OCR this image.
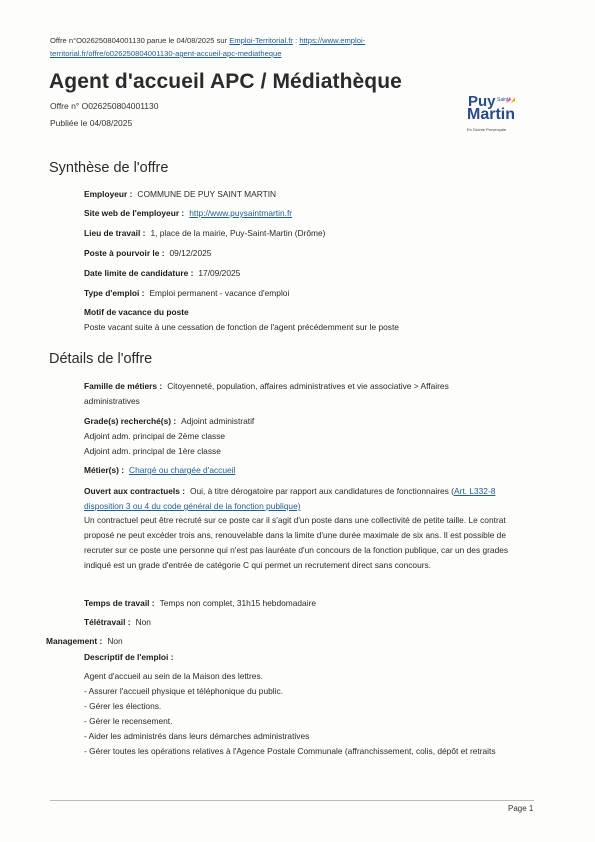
Offre n°O026250804001130 parue le 04/08/2025 sur Emploi-Territorial.fr : https://www.emploi-territorial.fr/offre/o026250804001130-agent-accueil-apc-mediatheque
Agent d'accueil APC / Médiathèque
Offre n° O026250804001130
Publiée le 04/08/2025
Puy Saint
Martin
En Drôme Provençale
Synthèse de l'offre
Employeur : COMMUNE DE PUY SAINT MARTIN
Site web de l'employeur : http://www.puysaintmartin.fr
Lieu de travail : 1, place de la mairie, Puy-Saint-Martin (Drôme)
Poste à pourvoir le : 09/12/2025
Date limite de candidature : 17/09/2025
Type d'emploi : Emploi permanent - vacance d'emploi
Motif de vacance du poste
Poste vacant suite à une cessation de fonction de l'agent précédemment sur le poste
Détails de l'offre
Famille de métiers : Citoyenneté, population, affaires administratives et vie associative > Affaires
administratives
Grade(s) recherché(s) : Adjoint administratif
Adjoint adm. principal de 2ème classe
Adjoint adm. principal de 1ère classe
Métier(s) : Chargé ou chargée d'accueil
Ouvert aux contractuels : Oui, à titre dérogatoire par rapport aux candidatures de fonctionnaires (Art. L332-8
disposition 3 ou 4 du code général de la fonction publique)

Un contractuel peut être recruté sur ce poste car il s'agit d'un poste dans une collectivité de petite taille. Le contrat proposé ne peut excéder trois ans, renouvelable dans la limite d'une durée maximale de six ans. Il est possible de recruter sur ce poste une personne qui n'est pas lauréate d'un concours de la fonction publique, car un des grades indiqué est un grade d'entrée de catégorie C qui permet un recrutement direct sans concours.

Temps de travail : Temps non complet, 31h15 hebdomadaire
Télétravail : Non
Management : Non
Descriptif de l'emploi :
Agent d'accueil au sein de la Maison des lettres.
- Assurer l'accueil physique et téléphonique du public.
- Gérer les élections.
- Gérer le recensement.
- Aider les administrés dans leurs démarches administratives
- Gérer toutes les opérations relatives à l'Agence Postale Communale (affranchissement, colis, dépôt et retraits
Page 1
